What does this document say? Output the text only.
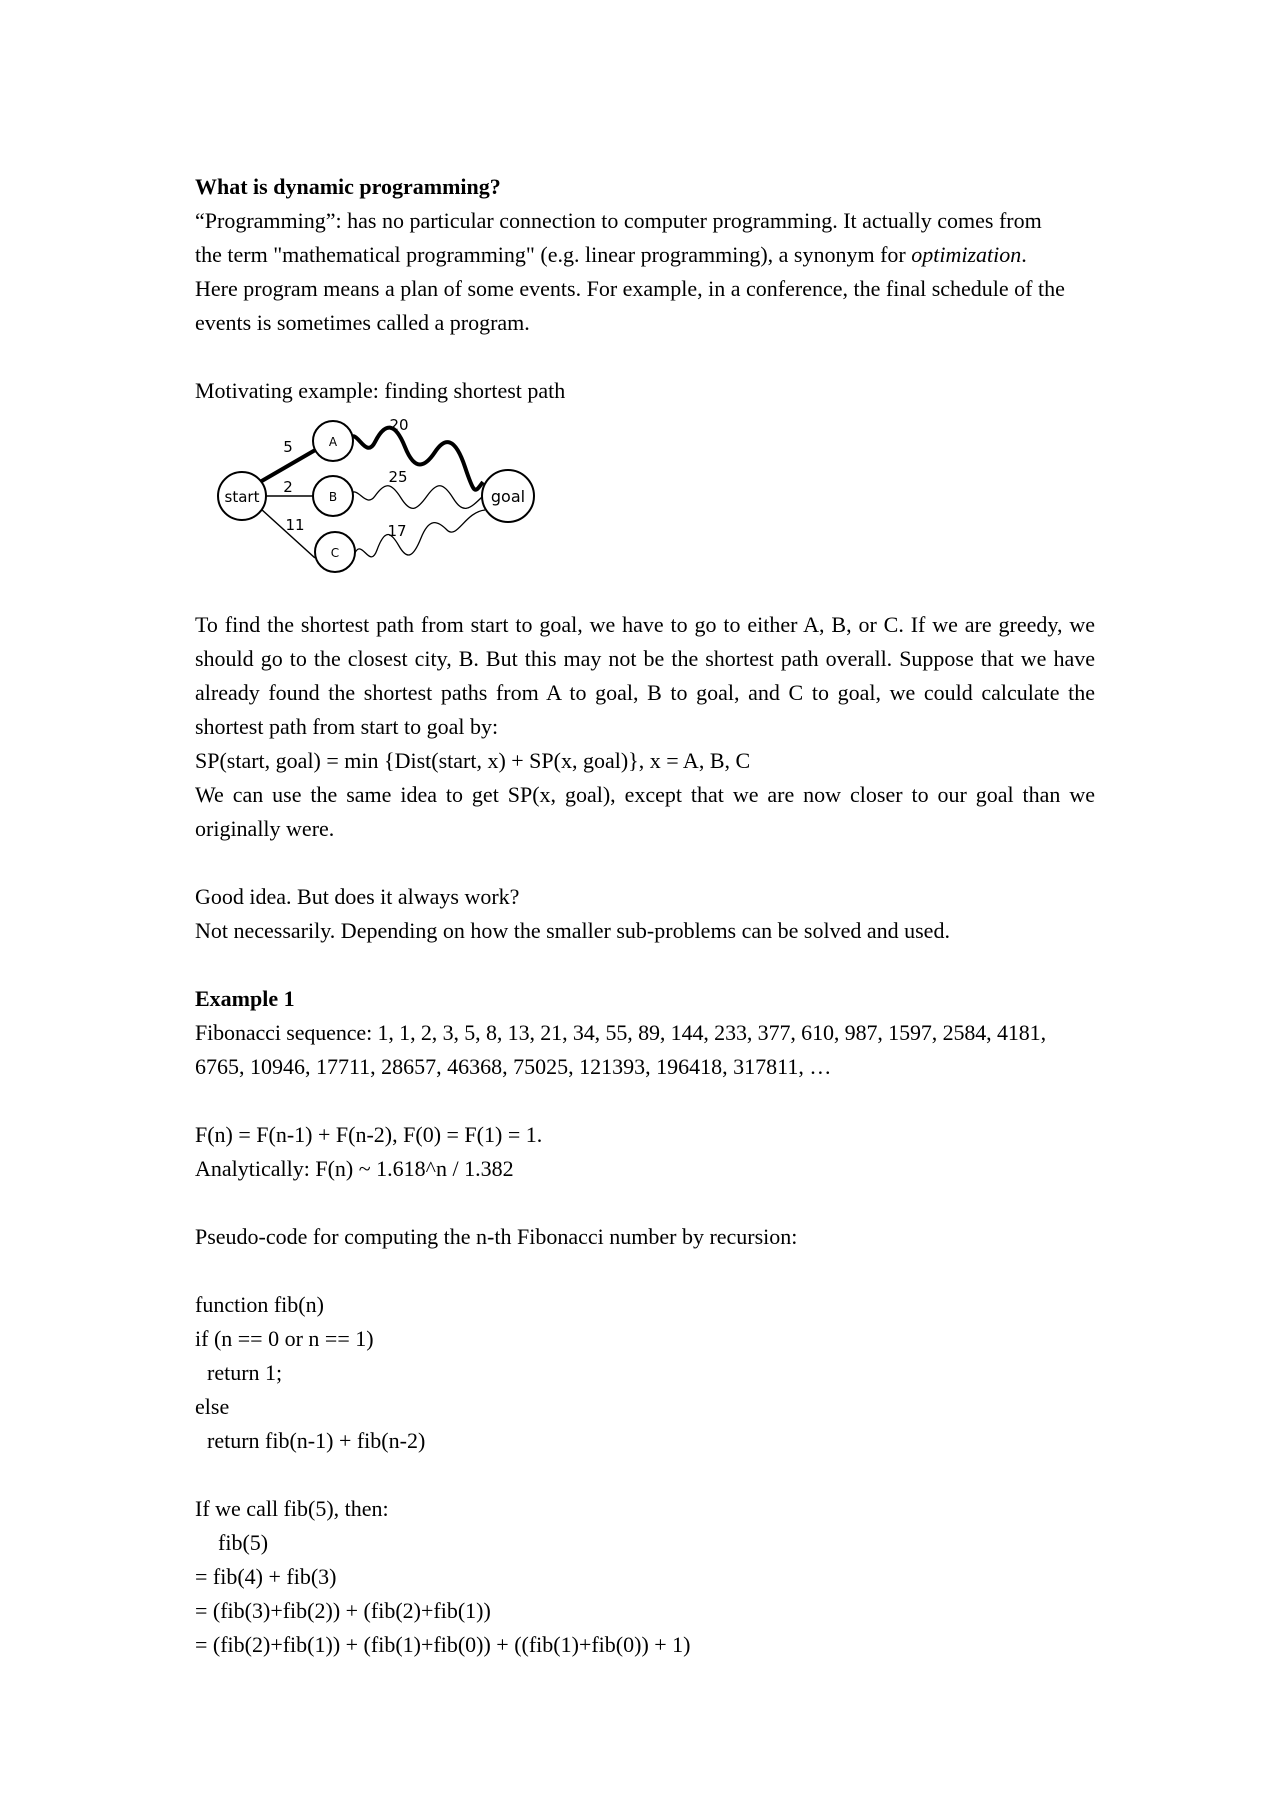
What is dynamic programming?

“Programming”: has no particular connection to computer programming. It actually comes from

the term "mathematical programming" (e.g. linear programming), a synonym for optimization.

Here program means a plan of some events. For example, in a conference, the final schedule of the

events is sometimes called a program.

Motivating example: finding shortest path

start
A
B
C
goal
5
2
11
20
25
17

To find the shortest path from start to goal, we have to go to either A, B, or C. If we are greedy, we should go to the closest city, B. But this may not be the shortest path overall. Suppose that we have already found the shortest paths from A to goal, B to goal, and C to goal, we could calculate the shortest path from start to goal by:

SP(start, goal) = min {Dist(start, x) + SP(x, goal)}, x = A, B, C

We can use the same idea to get SP(x, goal), except that we are now closer to our goal than we originally were.

Good idea. But does it always work?

Not necessarily. Depending on how the smaller sub-problems can be solved and used.

Example 1

Fibonacci sequence: 1, 1, 2, 3, 5, 8, 13, 21, 34, 55, 89, 144, 233, 377, 610, 987, 1597, 2584, 4181,

6765, 10946, 17711, 28657, 46368, 75025, 121393, 196418, 317811, …

F(n) = F(n-1) + F(n-2), F(0) = F(1) = 1.

Analytically: F(n) ~ 1.618^n / 1.382

Pseudo-code for computing the n-th Fibonacci number by recursion:

function fib(n)

if (n == 0 or n == 1)

return 1;

else

return fib(n-1) + fib(n-2)

If we call fib(5), then:

fib(5)

= fib(4) + fib(3)

= (fib(3)+fib(2)) + (fib(2)+fib(1))

= (fib(2)+fib(1)) + (fib(1)+fib(0)) + ((fib(1)+fib(0)) + 1)
